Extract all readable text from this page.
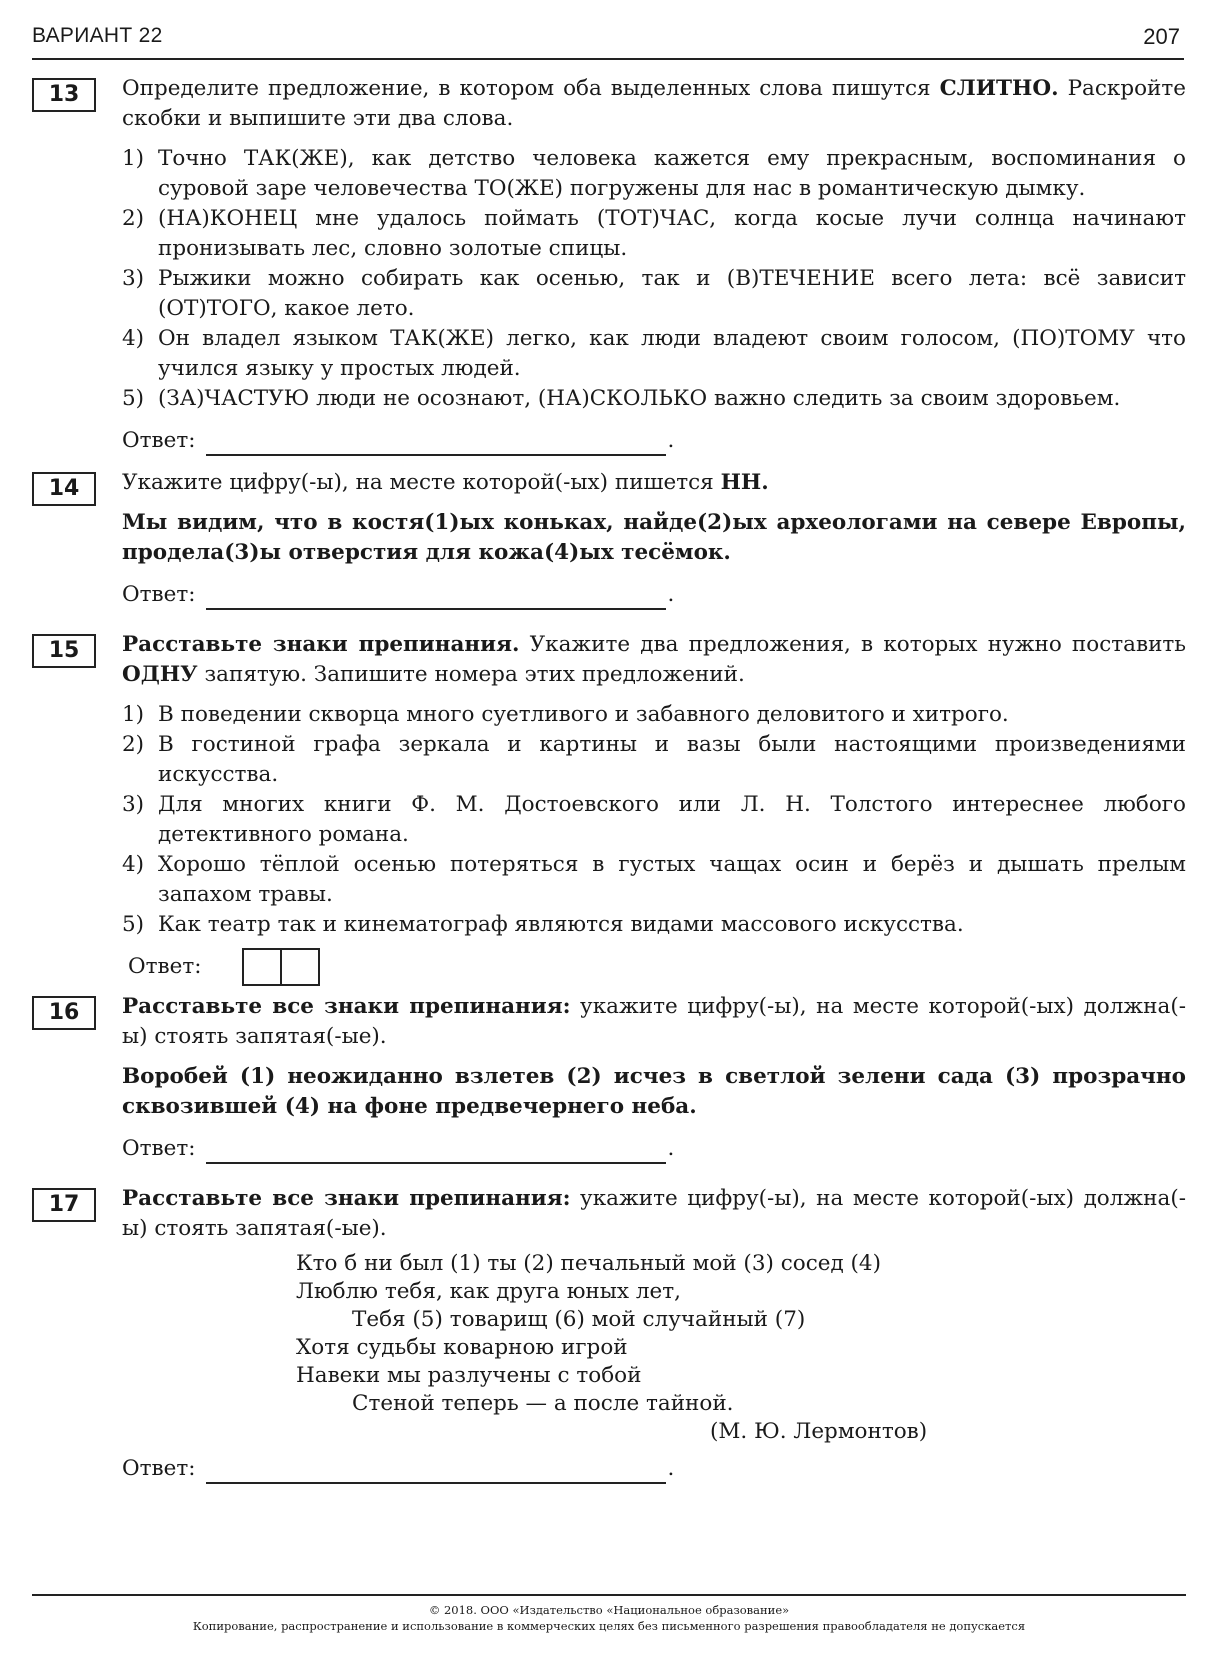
ВАРИАНТ 22	207
13	Определите предложение, в котором оба выделенных слова пишутся СЛИТНО. Раскройте скобки и выпишите эти два слова.

1) Точно ТАК(ЖЕ), как детство человека кажется ему прекрасным, воспоминания о суровой заре человечества ТО(ЖЕ) погружены для нас в романтическую дымку.
2) (НА)КОНЕЦ мне удалось поймать (ТОТ)ЧАС, когда косые лучи солнца начинают пронизывать лес, словно золотые спицы.
3) Рыжики можно собирать как осенью, так и (В)ТЕЧЕНИЕ всего лета: всё зависит (ОТ)ТОГО, какое лето.
4) Он владел языком ТАК(ЖЕ) легко, как люди владеют своим голосом, (ПО)ТОМУ что учился языку у простых людей.
5) (ЗА)ЧАСТУЮ люди не осознают, (НА)СКОЛЬКО важно следить за своим здоровьем.
Ответ:	.
14	Укажите цифру(-ы), на месте которой(-ых) пишется НН.

Мы видим, что в костя(1)ых коньках, найде(2)ых археологами на севере Европы, продела(3)ы отверстия для кожа(4)ых тесёмок.

Ответ:	.
15	Расставьте знаки препинания. Укажите два предложения, в которых нужно поставить ОДНУ запятую. Запишите номера этих предложений.

1) В поведении скворца много суетливого и забавного деловитого и хитрого.
2) В гостиной графа зеркала и картины и вазы были настоящими произведениями искусства.
3) Для многих книги Ф. М. Достоевского или Л. Н. Толстого интереснее любого детективного романа.
4) Хорошо тёплой осенью потеряться в густых чащах осин и берёз и дышать прелым запахом травы.
5) Как театр так и кинематограф являются видами массового искусства.
Ответ:
16	Расставьте все знаки препинания: укажите цифру(-ы), на месте которой(-ых) должна(-ы) стоять запятая(-ые).

Воробей (1) неожиданно взлетев (2) исчез в светлой зелени сада (3) прозрачно сквозившей (4) на фоне предвечернего неба.

Ответ:	.
17	Расставьте все знаки препинания: укажите цифру(-ы), на месте которой(-ых) должна(-ы) стоять запятая(-ые).

Кто б ни был (1) ты (2) печальный мой (3) сосед (4)
Люблю тебя, как друга юных лет,
Тебя (5) товарищ (6) мой случайный (7)
Хотя судьбы коварною игрой
Навеки мы разлучены с тобой
Стеной теперь — а после тайной.
(М. Ю. Лермонтов)
Ответ:	.
© 2018. ООО «Издательство «Национальное образование»
Копирование, распространение и использование в коммерческих целях без письменного разрешения правообладателя не допускается
